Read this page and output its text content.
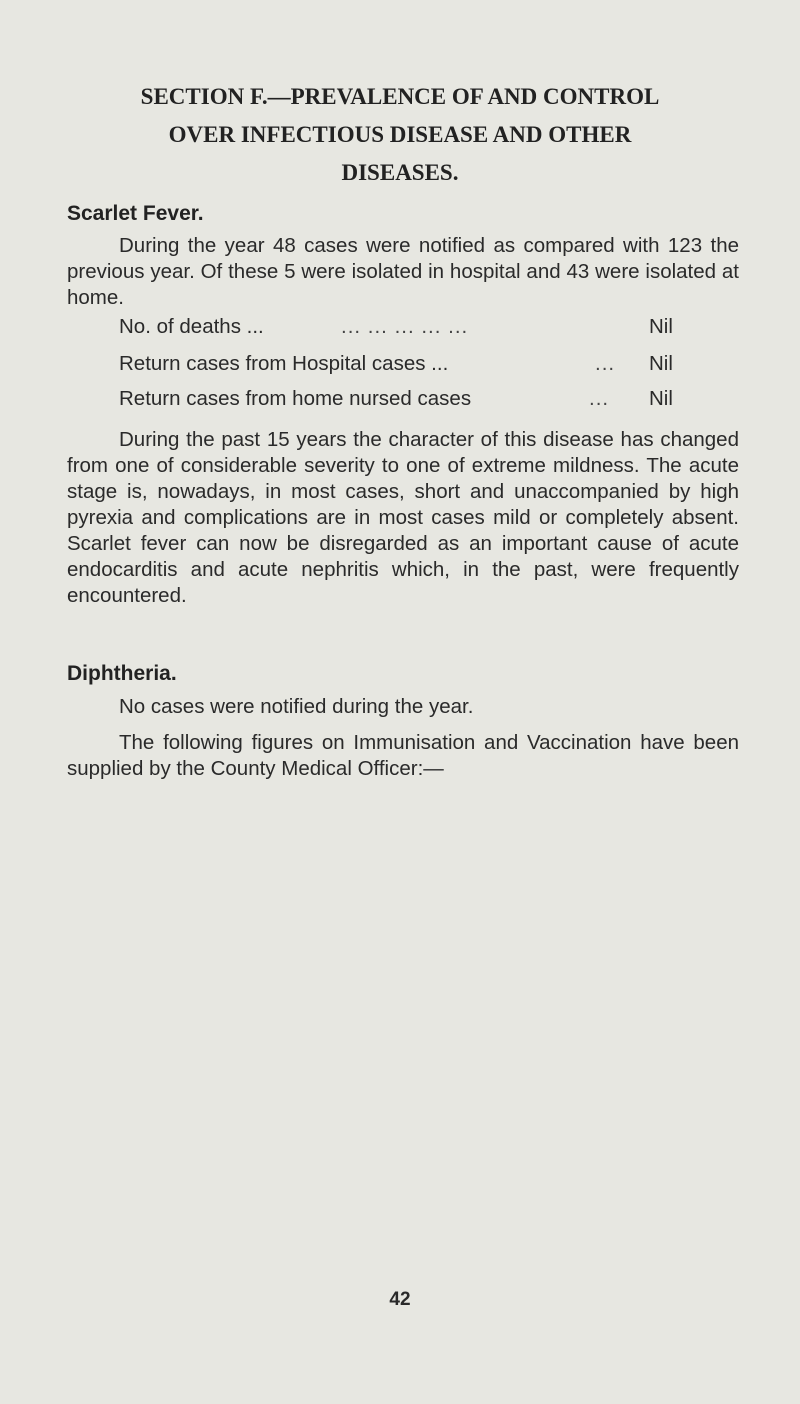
SECTION F.—PREVALENCE OF AND CONTROL
OVER INFECTIOUS DISEASE AND OTHER
DISEASES.
Scarlet Fever.
During the year 48 cases were notified as compared with 123 the previous year. Of these 5 were isolated in hospital and 43 were isolated at home.
No. of deaths ...	... ... ... ... ...	Nil
Return cases from Hospital cases ...	... Nil
Return cases from home nursed cases	... Nil
During the past 15 years the character of this disease has changed from one of considerable severity to one of extreme mildness. The acute stage is, nowadays, in most cases, short and unaccompanied by high pyrexia and complications are in most cases mild or completely absent. Scarlet fever can now be disregarded as an important cause of acute endocarditis and acute nephritis which, in the past, were frequently encountered.
Diphtheria.
No cases were notified during the year.
The following figures on Immunisation and Vaccination have been supplied by the County Medical Officer:—
42
